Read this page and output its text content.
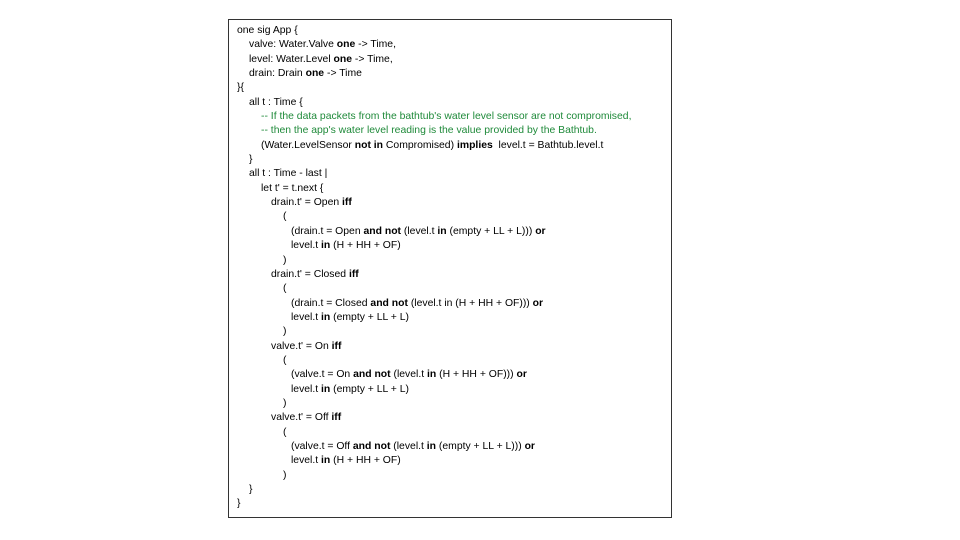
one sig App {
valve: Water.Valve one -> Time,
level: Water.Level one -> Time,
drain: Drain one -> Time
}{
all t : Time {
-- If the data packets from the bathtub's water level sensor are not compromised,
-- then the app's water level reading is the value provided by the Bathtub.
(Water.LevelSensor not in Compromised) implies  level.t = Bathtub.level.t
}
all t : Time - last |
let t' = t.next {
drain.t' = Open iff
(
(drain.t = Open and not (level.t in (empty + LL + L))) or
level.t in (H + HH + OF)
)
drain.t' = Closed iff
(
(drain.t = Closed and not (level.t in (H + HH + OF))) or
level.t in (empty + LL + L)
)
valve.t' = On iff
(
(valve.t = On and not (level.t in (H + HH + OF))) or
level.t in (empty + LL + L)
)
valve.t' = Off iff
(
(valve.t = Off and not (level.t in (empty + LL + L))) or
level.t in (H + HH + OF)
)
}
}
